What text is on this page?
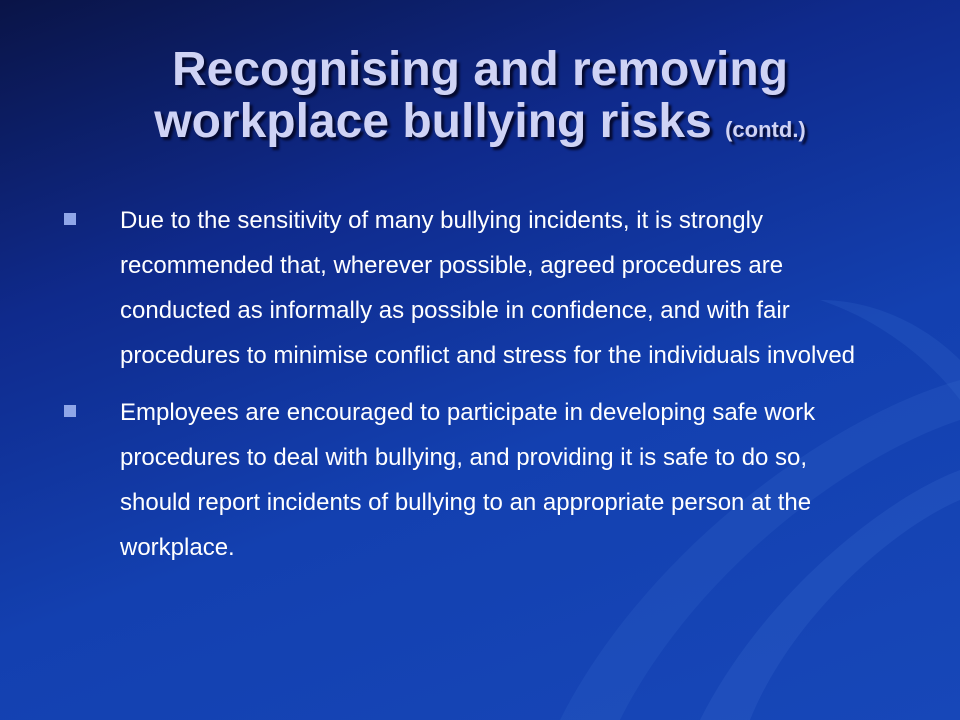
Recognising and removing
workplace bullying risks (contd.)
Due to the sensitivity of many bullying incidents, it is strongly recommended that, wherever possible, agreed procedures are conducted as informally as possible in confidence, and with fair procedures to minimise conflict and stress for the individuals involved
Employees are encouraged to participate in developing safe work procedures to deal with bullying, and providing it is safe to do so, should report incidents of bullying to an appropriate person at the workplace.
